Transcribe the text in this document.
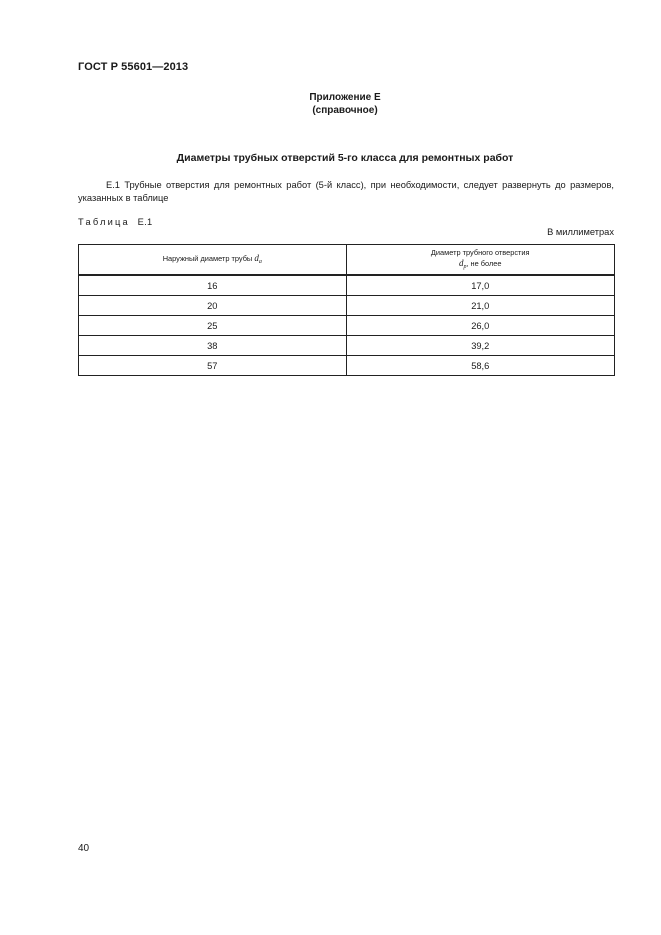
ГОСТ Р 55601—2013
Приложение Е
(справочное)
Диаметры трубных отверстий 5-го класса для ремонтных работ
Е.1 Трубные отверстия для ремонтных работ (5-й класс), при необходимости, следует развернуть до размеров, указанных в таблице
Таблица Е.1
В миллиметрах
Наружный диаметр трубы $d_a$	Диаметр трубного отверстия
$d_p$, не более

16	17,0
20	21,0
25	26,0
38	39,2
57	58,6
40
